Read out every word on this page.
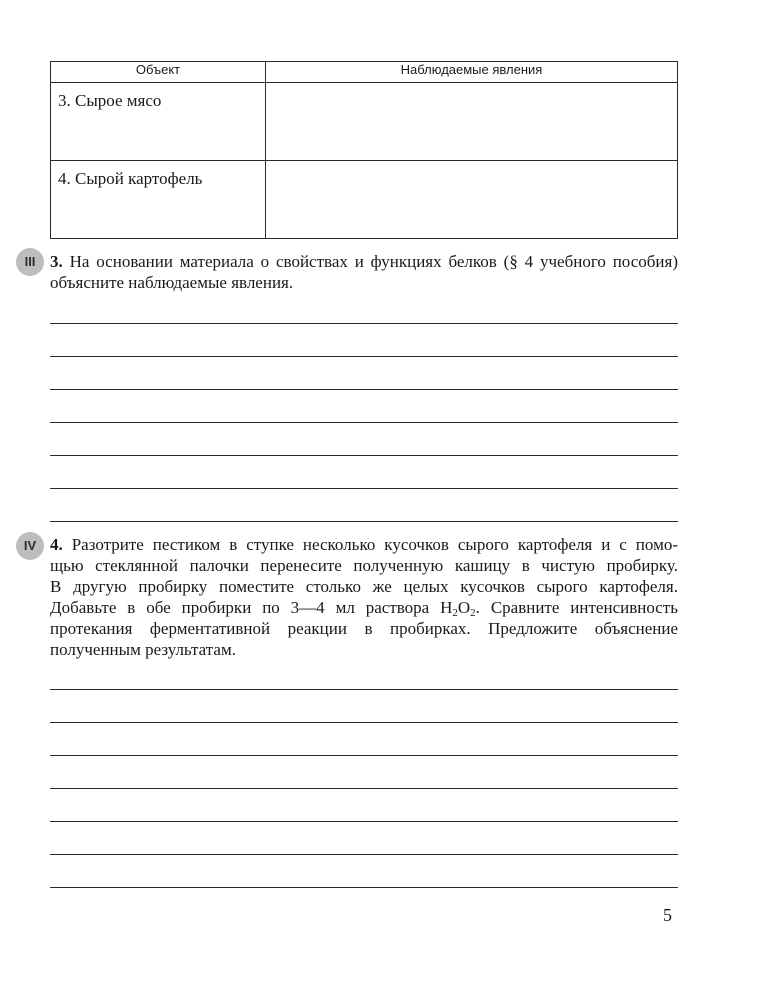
Объект	Наблюдаемые явления
3. Сырое мясо	
4. Сырой картофель	
III 3. На основании материала о свойствах и функциях белков (§ 4 учебного пособия)
объясните наблюдаемые явления.
IV 4. Разотрите пестиком в ступке несколько кусочков сырого картофеля и с помо-
щью стеклянной палочки перенесите полученную кашицу в чистую пробирку.
В другую пробирку поместите столько же целых кусочков сырого картофеля.
Добавьте в обе пробирки по 3—4 мл раствора $H_2O_2$. Сравните интенсивность
протекания ферментативной реакции в пробирках. Предложите объяснение
полученным результатам.
5
